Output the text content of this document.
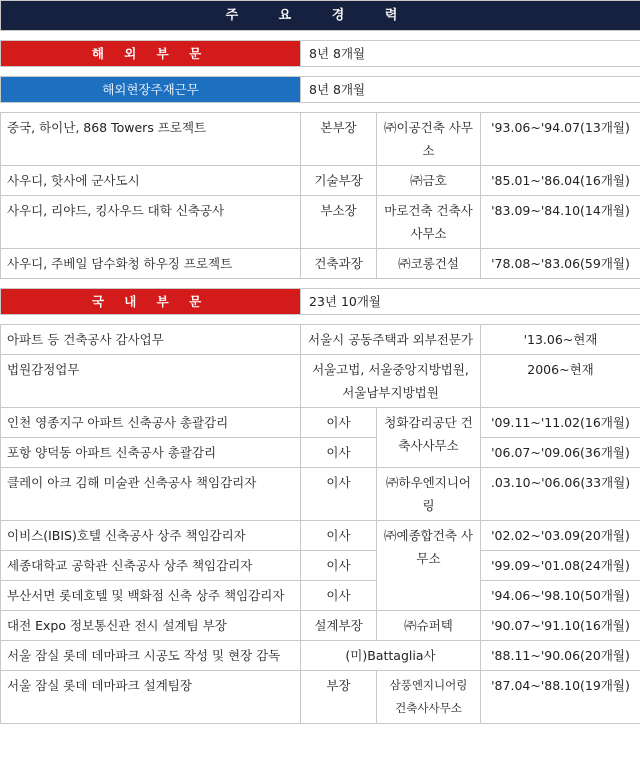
주 요 경 력			

해 외 부 문	8년 8개월		

해외현장주재근무	8년 8개월		

중국, 하이난, 868 Towers 프로젝트	본부장	㈜이공건축 사무소	'93.06~'94.07(13개월)
사우디, 핫사에 군사도시	기술부장	㈜금호	'85.01~'86.04(16개월)
사우디, 리야드, 킹사우드 대학 신축공사	부소장	마로건축 건축사사무소	'83.09~'84.10(14개월)
사우디, 주베일 담수화청 하우징 프로젝트	건축과장	㈜코롱건설	'78.08~'83.06(59개월)

국 내 부 문	23년 10개월		

아파트 등 건축공사 감사업무	서울시 공동주택과 외부전문가		'13.06~현재
법원감정업무	서울고법, 서울중앙지방법원, 서울남부지방법원		2006~현재
인천 영종지구 아파트 신축공사 총괄감리	이사	청화감리공단 건축사사무소	'09.11~'11.02(16개월)
포항 양덕동 아파트 신축공사 총괄감리	이사		'06.07~'09.06(36개월)
클레이 아크 김해 미술관 신축공사 책임감리자	이사	㈜하우엔지니어링	.03.10~'06.06(33개월)
이비스(IBIS)호텔 신축공사 상주 책임감리자	이사	㈜예종합건축 사무소	'02.02~'03.09(20개월)
세종대학교 공학관 신축공사 상주 책임감리자	이사		'99.09~'01.08(24개월)
부산서면 롯데호텔 및 백화점 신축 상주 책임감리자	이사		'94.06~'98.10(50개월)
대전 Expo 정보통신관 전시 설계팀 부장	설계부장	㈜슈퍼텍	'90.07~'91.10(16개월)
서울 잠실 롯데 데마파크 시공도 작성 및 현장 감독	(미)Battaglia사		'88.11~'90.06(20개월)
서울 잠실 롯데 데마파크 설계팀장	부장	삼풍엔지니어링 건축사사무소	'87.04~'88.10(19개월)
